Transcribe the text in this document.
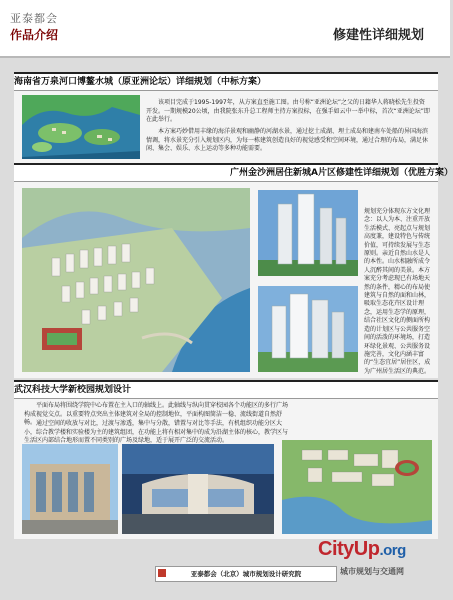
亚泰都会
作品介绍	修建性详细规划
海南省万泉河口博鳌水城（原亚洲论坛）详细规划（中标方案）
该项目完成于1995-1997年，从方案直至施工图。由号称“亚洲论坛”之父的日籍华人蒋晓松先生投资开发。一期规模20公顷，由我院张东升总工程师主持方案投标，在强手如云中一举中标，首次“亚洲论坛”即在此举行。
本方案巧妙借用丰缘的海洋景观和幽静的河湖水景，通过挖土成湖、埋土成岛和建南车处船的异国海滨情调，将水景充分引入规划区内，为每一栋建筑创造良好的视觉感受和空间环境，通过合理的布局，满足休闲、集会、娱乐、水上运动等多种功能需要。
广州金沙洲居住新城A片区修建性详细规划（优胜方案）
规划充分体现东方文化理念：以人为本、注重开放生活模式、亮起点与规划高度兼，建设特色与传统价值，可持续发展与生态原则。亲近自然山水是人的本性。山水相融所成令人沉醉其间的美景。本方案充分考虑现已有场地天然的条件，精心的布局使建筑与自然的面和山林，吸取生态花卉区设计理念，运用生态学的原理，结合社区文化的侧面所构造的计划区与公共服务空间的活泼的环境场，打造环绿化景观、公共服务设施完善，文化内涵丰富的“生态宜居”居住区，成为广州居生活区的典范。
武汉科技大学新校园规划设计
平面布局将围绕学院中心布置在主入口的轴线上。此轴线与纵向贯穿校园各个功能区的多行广场构成视觉交点。以重要特点突出主体建筑对全局的控制地位，平面构图简洁一稳、流线街道自然舒畅。 通过空间的收放与对比，过渡与渗透，集中与分散，错置与对比等手法，有机组织功能分区大小，综合教学楼和实验楼为主的建筑组团，在功能上将有相对集中的成为沿湖主体的核心，教学区与生活区内部结合地形而置不同类别的广场及绿地，适于展开广泛的交流活动。
亚泰都会（北京）城市规划设计研究院
CityUp.org
城市规划与交通网
